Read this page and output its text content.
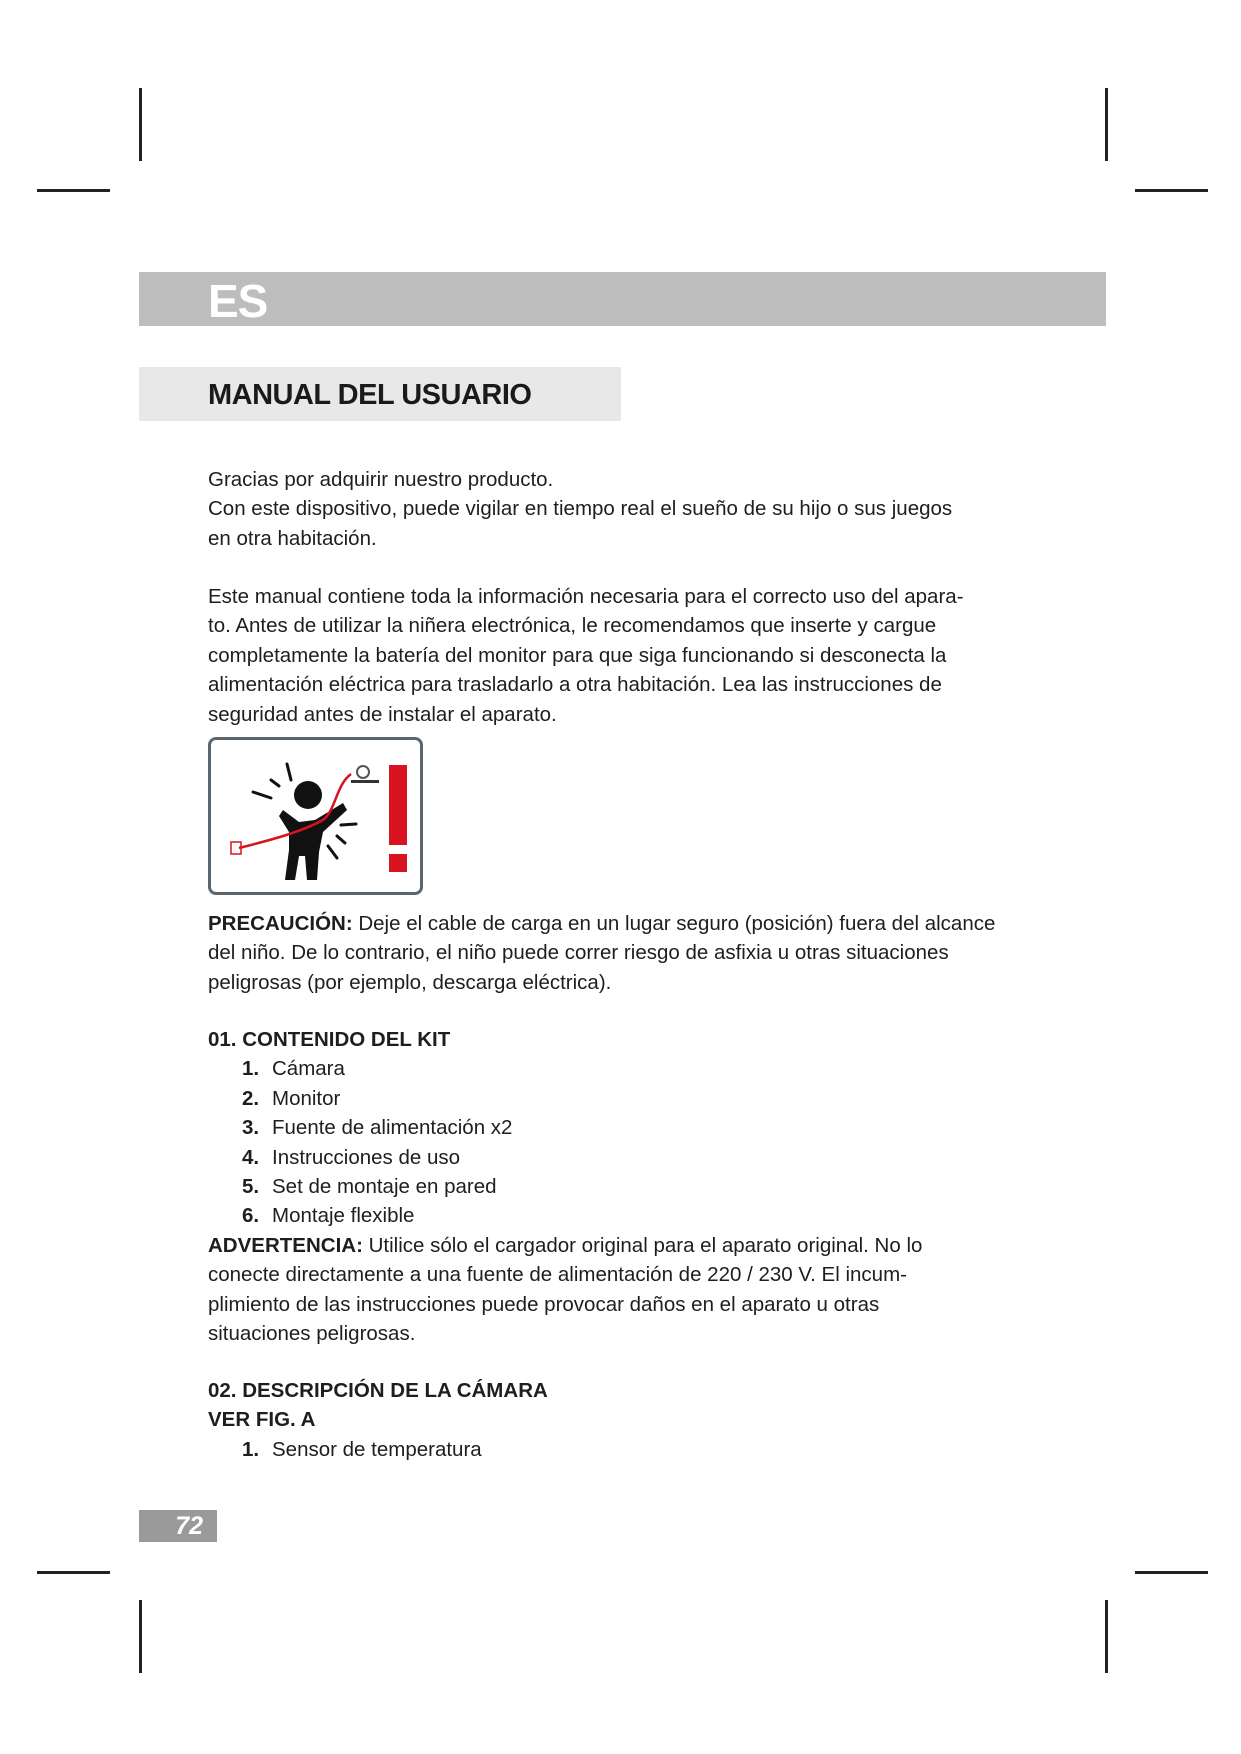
ES
MANUAL DEL USUARIO
Gracias por adquirir nuestro producto.
Con este dispositivo, puede vigilar en tiempo real el sueño de su hijo o sus juegos
en otra habitación.
Este manual contiene toda la información necesaria para el correcto uso del apara-
to. Antes de utilizar la niñera electrónica, le recomendamos que inserte y cargue
completamente la batería del monitor para que siga funcionando si desconecta la
alimentación eléctrica para trasladarlo a otra habitación. Lea las instrucciones de
seguridad antes de instalar el aparato.
PRECAUCIÓN: Deje el cable de carga en un lugar seguro (posición) fuera del alcance
del niño. De lo contrario, el niño puede correr riesgo de asfixia u otras situaciones
peligrosas (por ejemplo, descarga eléctrica).
01. CONTENIDO DEL KIT
1. Cámara
2. Monitor
3. Fuente de alimentación x2
4. Instrucciones de uso
5. Set de montaje en pared
6. Montaje flexible
ADVERTENCIA: Utilice sólo el cargador original para el aparato original. No lo
conecte directamente a una fuente de alimentación de 220 / 230 V. El incum-
plimiento de las instrucciones puede provocar daños en el aparato u otras
situaciones peligrosas.
02. DESCRIPCIÓN DE LA CÁMARA
VER FIG. A
1. Sensor de temperatura
72
